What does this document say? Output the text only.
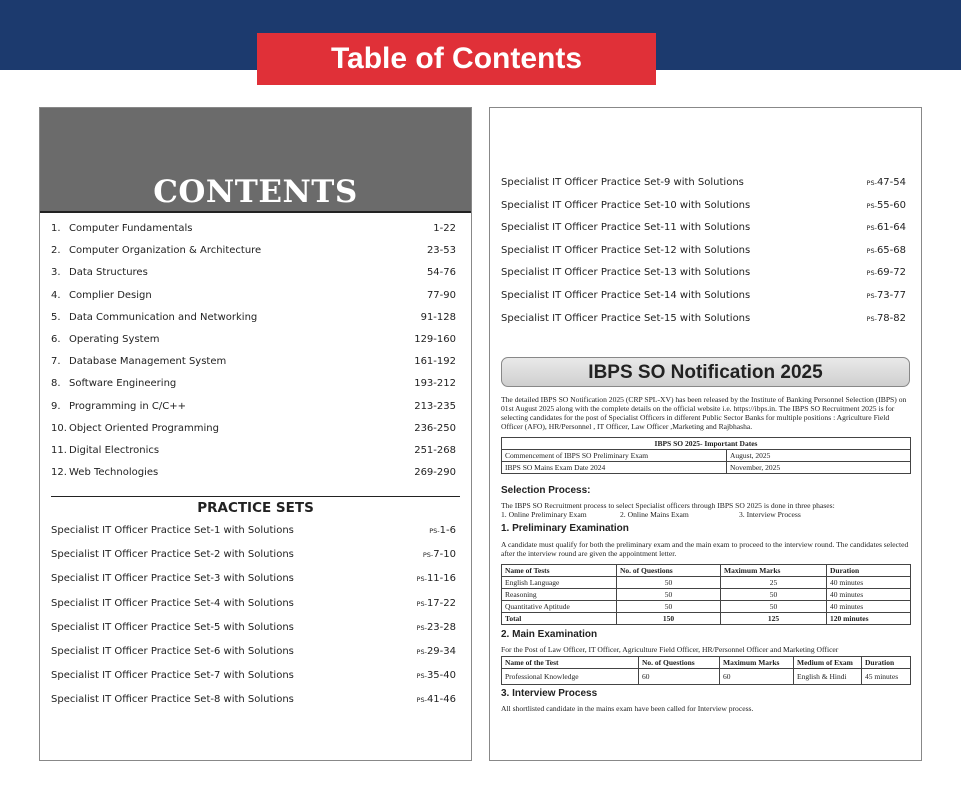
Table of Contents
CONTENTS
1. Computer Fundamentals	1-22
2. Computer Organization & Architecture	23-53
3. Data Structures	54-76
4. Complier Design	77-90
5. Data Communication and Networking	91-128
6. Operating System	129-160
7. Database Management System	161-192
8. Software Engineering	193-212
9. Programming in C/C++	213-235
10. Object Oriented Programming	236-250
11. Digital Electronics	251-268
12. Web Technologies	269-290
PRACTICE SETS
Specialist IT Officer Practice Set-1 with Solutions	PS-1-6
Specialist IT Officer Practice Set-2 with Solutions	PS-7-10
Specialist IT Officer Practice Set-3 with Solutions	PS-11-16
Specialist IT Officer Practice Set-4 with Solutions	PS-17-22
Specialist IT Officer Practice Set-5 with Solutions	PS-23-28
Specialist IT Officer Practice Set-6 with Solutions	PS-29-34
Specialist IT Officer Practice Set-7 with Solutions	PS-35-40
Specialist IT Officer Practice Set-8 with Solutions	PS-41-46
Specialist IT Officer Practice Set-9 with Solutions	PS-47-54
Specialist IT Officer Practice Set-10 with Solutions	PS-55-60
Specialist IT Officer Practice Set-11 with Solutions	PS-61-64
Specialist IT Officer Practice Set-12 with Solutions	PS-65-68
Specialist IT Officer Practice Set-13 with Solutions	PS-69-72
Specialist IT Officer Practice Set-14 with Solutions	PS-73-77
Specialist IT Officer Practice Set-15 with Solutions	PS-78-82
IBPS SO Notification 2025
The detailed IBPS SO Notification 2025 (CRP SPL-XV) has been released by the Institute of Banking Personnel Selection (IBPS) on 01st August 2025 along with the complete details on the official website i.e. https://ibps.in. The IBPS SO Recruitment 2025 is for selecting candidates for the post of Specialist Officers in different Public Sector Banks for multiple positions : Agriculture Field Officer (AFO), HR/Personnel , IT Officer, Law Officer ,Marketing and Rajbhasha.
IBPS SO 2025- Important Dates	
Commencement of IBPS SO Preliminary Exam	August, 2025
IBPS SO Mains Exam Date 2024	November, 2025
Selection Process:
The IBPS SO Recruitment process to select Specialist officers through IBPS SO 2025 is done in three phases:
1. Online Preliminary Exam	2. Online Mains Exam	3. Interview Process
1. Preliminary Examination
A candidate must qualify for both the preliminary exam and the main exam to proceed to the interview round. The candidates selected after the interview round are given the appointment letter.
Name of Tests	No. of Questions	Maximum Marks	Duration
English Language	50	25	40 minutes
Reasoning	50	50	40 minutes
Quantitative Aptitude	50	50	40 minutes
Total	150	125	120 minutes
2. Main Examination
For the Post of Law Officer, IT Officer, Agriculture Field Officer, HR/Personnel Officer and Marketing Officer
Name of the Test	No. of Questions	Maximum Marks	Medium of Exam	Duration
Professional Knowledge	60	60	English & Hindi	45 minutes
3. Interview Process
All shortlisted candidate in the mains exam have been called for Interview process.
